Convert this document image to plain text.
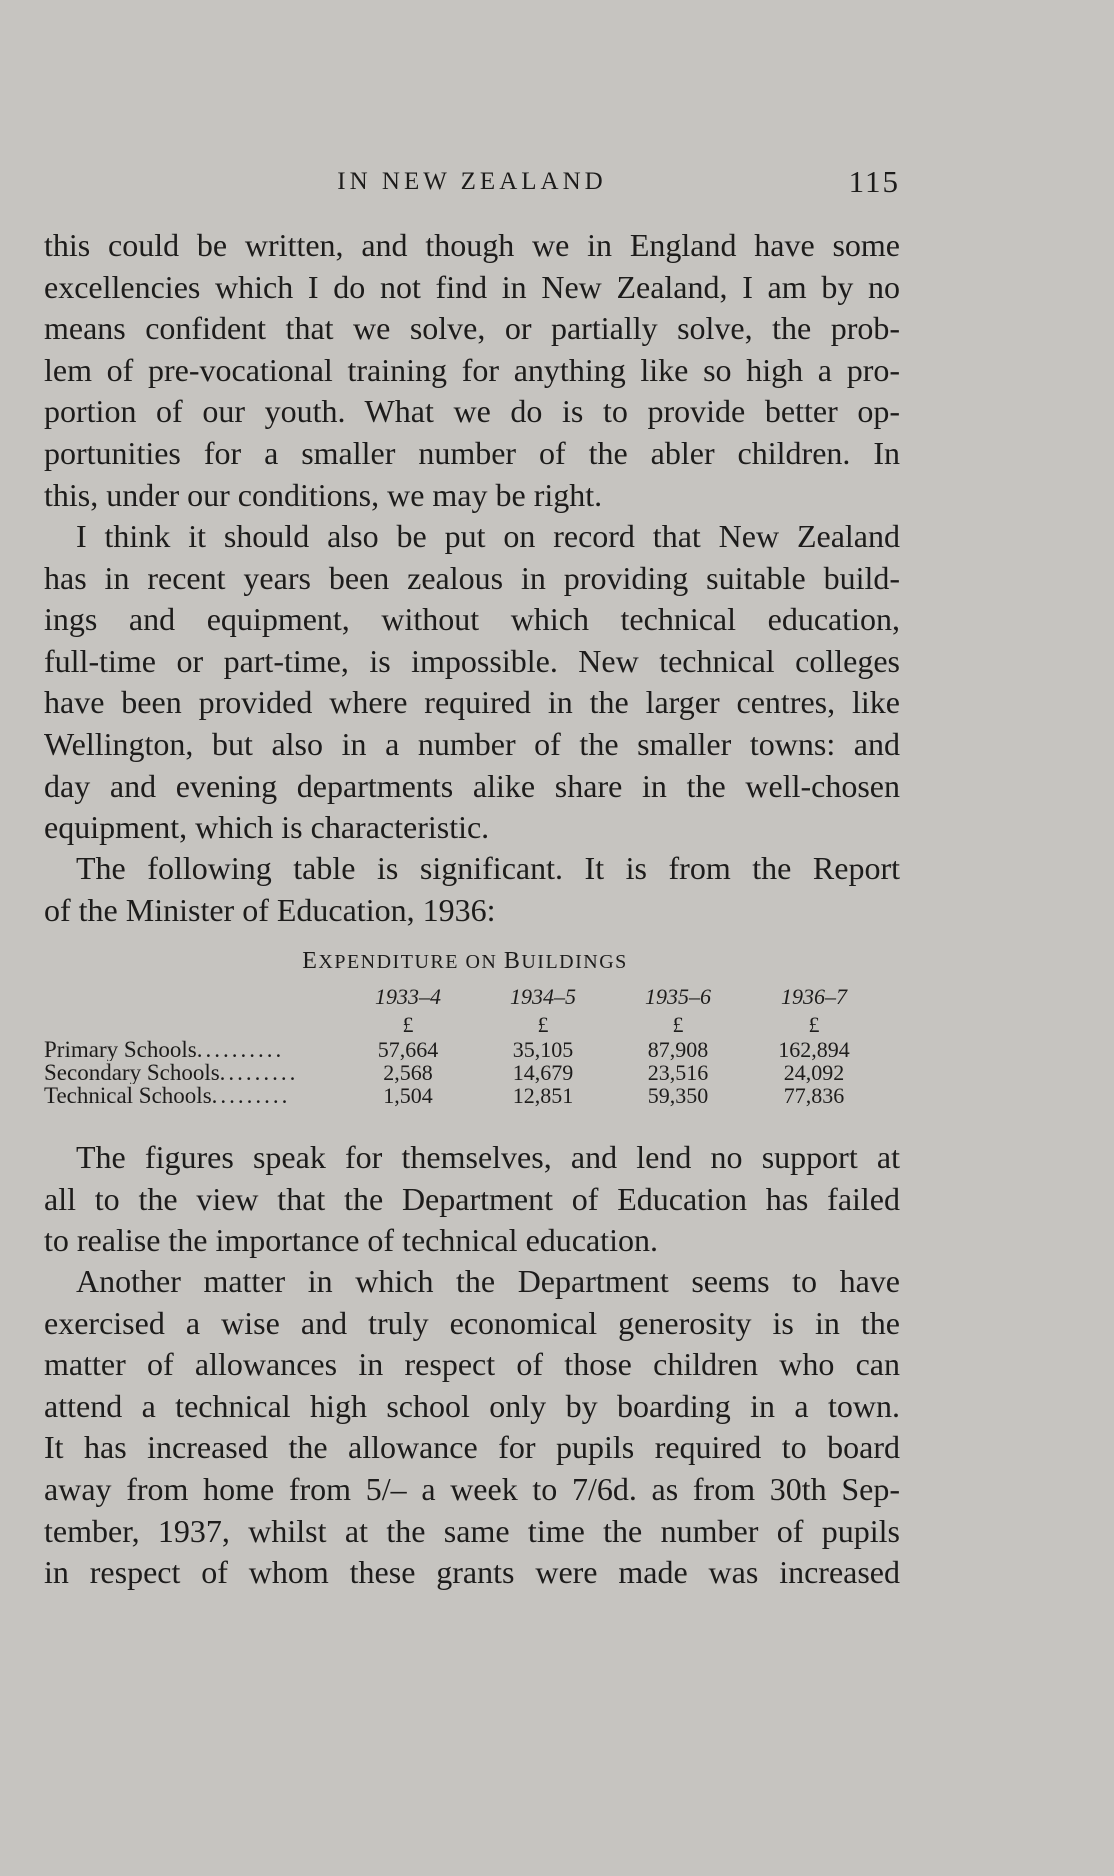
IN NEW ZEALAND	115
this could be written, and though we in England have some
excellencies which I do not find in New Zealand, I am by no
means confident that we solve, or partially solve, the prob-
lem of pre-vocational training for anything like so high a pro-
portion of our youth. What we do is to provide better op-
portunities for a smaller number of the abler children. In
this, under our conditions, we may be right.
I think it should also be put on record that New Zealand
has in recent years been zealous in providing suitable build-
ings and equipment, without which technical education,
full-time or part-time, is impossible. New technical colleges
have been provided where required in the larger centres, like
Wellington, but also in a number of the smaller towns: and
day and evening departments alike share in the well-chosen
equipment, which is characteristic.
The following table is significant. It is from the Report
of the Minister of Education, 1936:
EXPENDITURE ON BUILDINGS
1933–4	1934–5	1935–6	1936–7
£	£	£	£
Primary Schools..........	57,664	35,105	87,908	162,894
Secondary Schools.........	2,568	14,679	23,516	24,092
Technical Schools.........	1,504	12,851	59,350	77,836
The figures speak for themselves, and lend no support at
all to the view that the Department of Education has failed
to realise the importance of technical education.
Another matter in which the Department seems to have
exercised a wise and truly economical generosity is in the
matter of allowances in respect of those children who can
attend a technical high school only by boarding in a town.
It has increased the allowance for pupils required to board
away from home from 5/– a week to 7/6d. as from 30th Sep-
tember, 1937, whilst at the same time the number of pupils
in respect of whom these grants were made was increased
